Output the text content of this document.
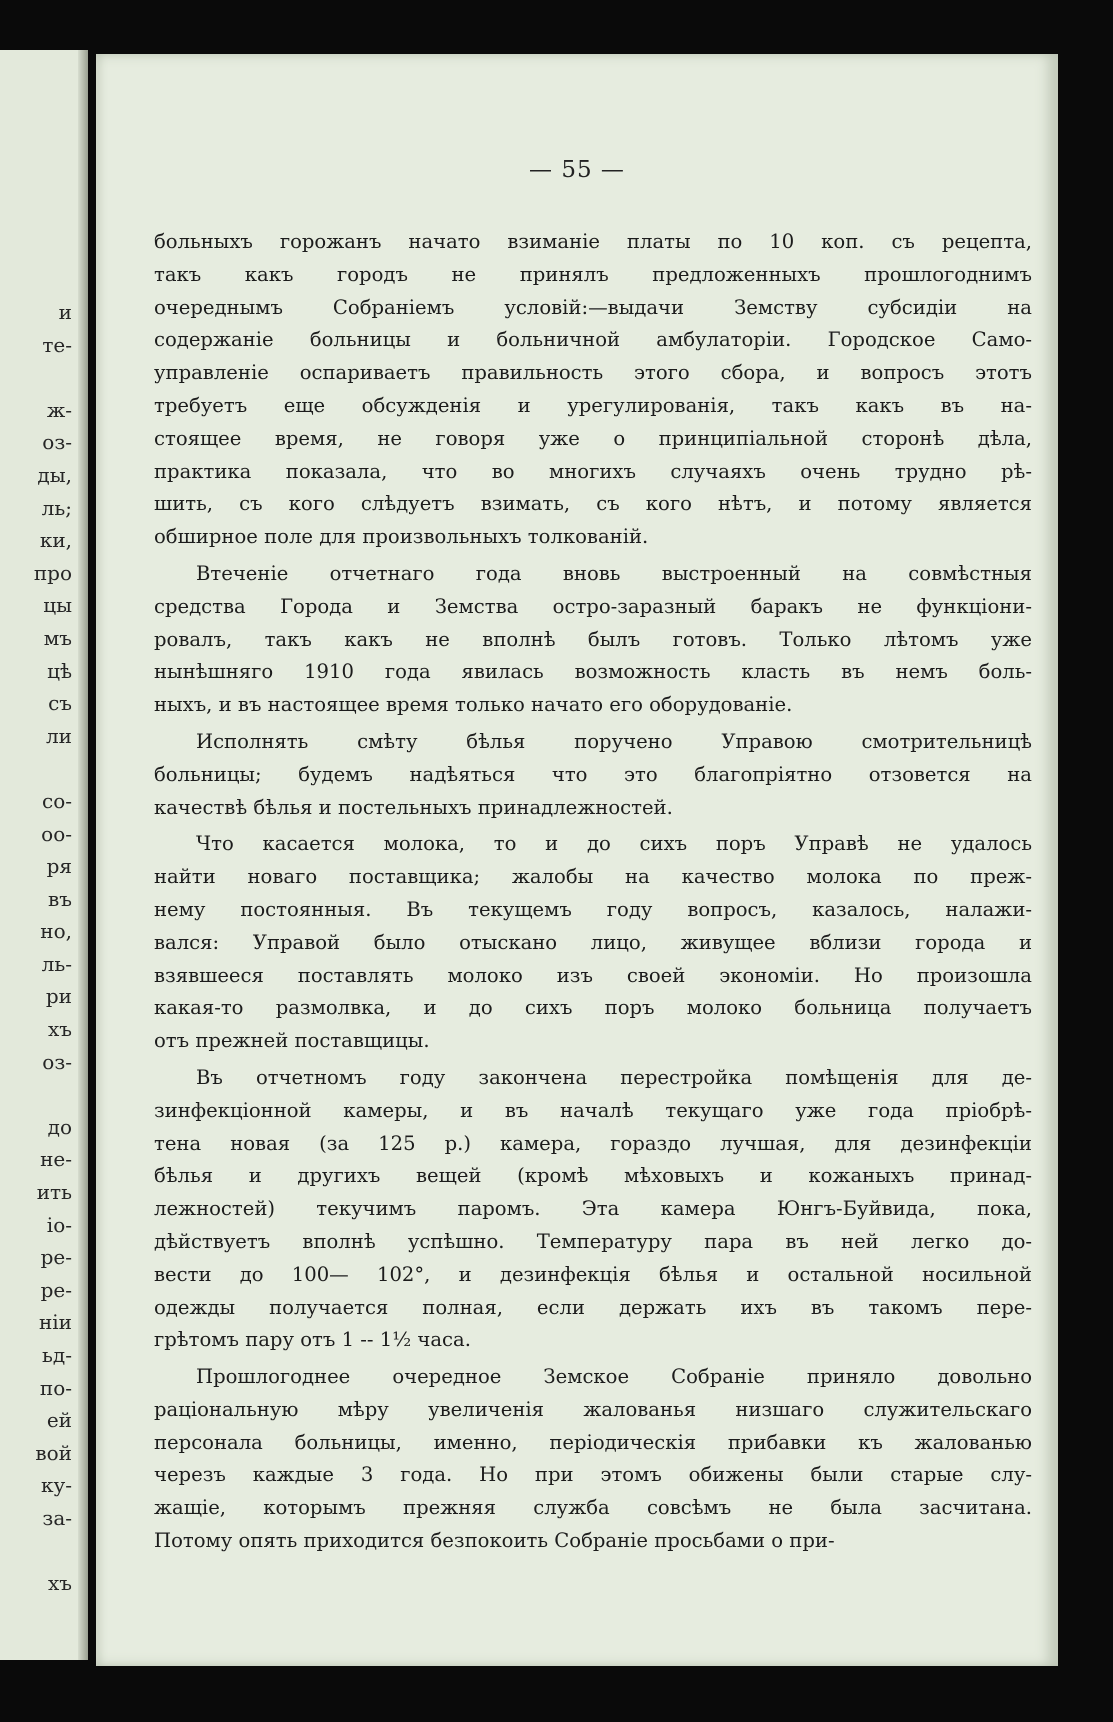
и
те-

ж-
оз-
ды,
ль;
ки,
про
цы
мъ
цѣ
съ
ли

со-
оо-
ря
въ
но,
ль-
ри
хъ
оз-

до
не-
ить
іо-
ре-
ре-
ніи
ьд-
по-
ей
вой
ку-
за-

хъ
— 55 —
больныхъ горожанъ начато взиманіе платы по 10 коп. съ рецепта,
такъ какъ городъ не принялъ предложенныхъ прошлогоднимъ
очереднымъ Собраніемъ условій:—выдачи Земству субсидіи на
содержаніе больницы и больничной амбулаторіи. Городское Само-
управленіе оспариваетъ правильность этого сбора, и вопросъ этотъ
требуетъ еще обсужденія и урегулированія, такъ какъ въ на-
стоящее время, не говоря уже о принципіальной сторонѣ дѣла,
практика показала, что во многихъ случаяхъ очень трудно рѣ-
шить, съ кого слѣдуетъ взимать, съ кого нѣтъ, и потому является
обширное поле для произвольныхъ толкованій.
Втеченіе отчетнаго года вновь выстроенный на совмѣстныя
средства Города и Земства остро-заразный баракъ не функціони-
ровалъ, такъ какъ не вполнѣ былъ готовъ. Только лѣтомъ уже
нынѣшняго 1910 года явилась возможность класть въ немъ боль-
ныхъ, и въ настоящее время только начато его оборудованіе.
Исполнять смѣту бѣлья поручено Управою смотрительницѣ
больницы; будемъ надѣяться что это благопріятно отзовется на
качествѣ бѣлья и постельныхъ принадлежностей.
Что касается молока, то и до сихъ поръ Управѣ не удалось
найти новаго поставщика; жалобы на качество молока по преж-
нему постоянныя. Въ текущемъ году вопросъ, казалось, налажи-
вался: Управой было отыскано лицо, живущее вблизи города и
взявшееся поставлять молоко изъ своей экономіи. Но произошла
какая-то размолвка, и до сихъ поръ молоко больница получаетъ
отъ прежней поставщицы.
Въ отчетномъ году закончена перестройка помѣщенія для де-
зинфекціонной камеры, и въ началѣ текущаго уже года пріобрѣ-
тена новая (за 125 р.) камера, гораздо лучшая, для дезинфекціи
бѣлья и другихъ вещей (кромѣ мѣховыхъ и кожаныхъ принад-
лежностей) текучимъ паромъ. Эта камера Юнгъ-Буйвида, пока,
дѣйствуетъ вполнѣ успѣшно. Температуру пара въ ней легко до-
вести до 100— 102°, и дезинфекція бѣлья и остальной носильной
одежды получается полная, если держать ихъ въ такомъ пере-
грѣтомъ пару отъ 1 -- 1½ часа.
Прошлогоднее очередное Земское Собраніе приняло довольно
раціональную мѣру увеличенія жалованья низшаго служительскаго
персонала больницы, именно, періодическія прибавки къ жалованью
черезъ каждые 3 года. Но при этомъ обижены были старые слу-
жащіе, которымъ прежняя служба совсѣмъ не была засчитана.
Потому опять приходится безпокоить Собраніе просьбами о при-
